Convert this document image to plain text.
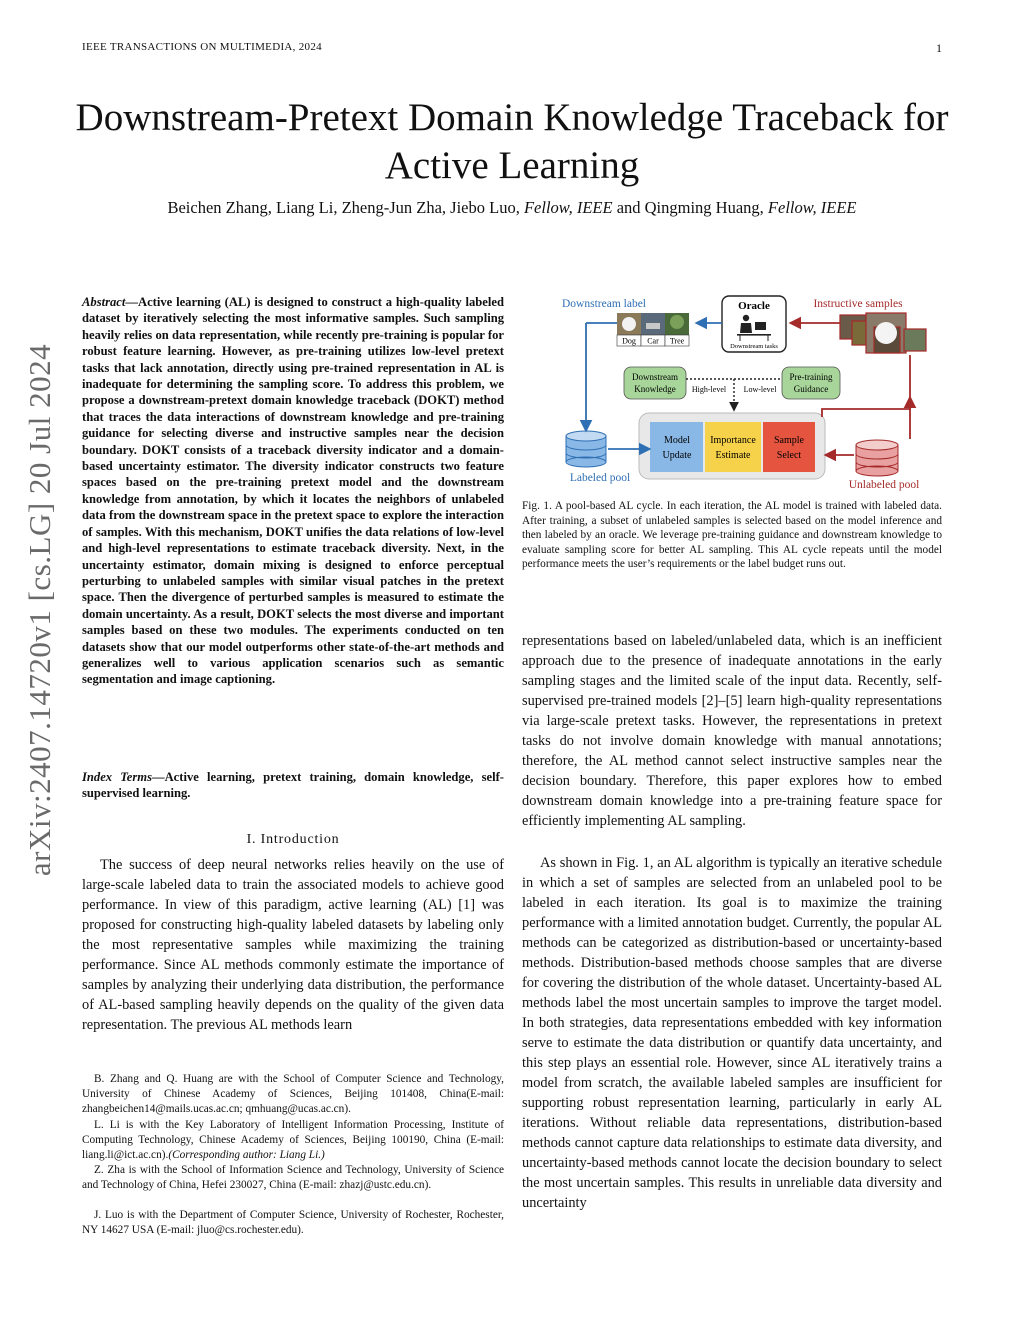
IEEE TRANSACTIONS ON MULTIMEDIA, 2024	1
Downstream-Pretext Domain Knowledge Traceback for Active Learning
Beichen Zhang, Liang Li, Zheng-Jun Zha, Jiebo Luo, Fellow, IEEE and Qingming Huang, Fellow, IEEE
arXiv:2407.14720v1 [cs.LG] 20 Jul 2024
Abstract—Active learning (AL) is designed to construct a high-quality labeled dataset by iteratively selecting the most informative samples. Such sampling heavily relies on data representation, while recently pre-training is popular for robust feature learning. However, as pre-training utilizes low-level pretext tasks that lack annotation, directly using pre-trained representation in AL is inadequate for determining the sampling score. To address this problem, we propose a downstream-pretext domain knowledge traceback (DOKT) method that traces the data interactions of downstream knowledge and pre-training guidance for selecting diverse and instructive samples near the decision boundary. DOKT consists of a traceback diversity indicator and a domain-based uncertainty estimator. The diversity indicator constructs two feature spaces based on the pre-training pretext model and the downstream knowledge from annotation, by which it locates the neighbors of unlabeled data from the downstream space in the pretext space to explore the interaction of samples. With this mechanism, DOKT unifies the data relations of low-level and high-level representations to estimate traceback diversity. Next, in the uncertainty estimator, domain mixing is designed to enforce perceptual perturbing to unlabeled samples with similar visual patches in the pretext space. Then the divergence of perturbed samples is measured to estimate the domain uncertainty. As a result, DOKT selects the most diverse and important samples based on these two modules. The experiments conducted on ten datasets show that our model outperforms other state-of-the-art methods and generalizes well to various application scenarios such as semantic segmentation and image captioning.
Index Terms—Active learning, pretext training, domain knowledge, self-supervised learning.
I. Introduction
The success of deep neural networks relies heavily on the use of large-scale labeled data to train the associated models to achieve good performance. In view of this paradigm, active learning (AL) [1] was proposed for constructing high-quality labeled datasets by labeling only the most representative samples while maximizing the training performance. Since AL methods commonly estimate the importance of samples by analyzing their underlying data distribution, the performance of AL-based sampling heavily depends on the quality of the given data representation. The previous AL methods learn
B. Zhang and Q. Huang are with the School of Computer Science and Technology, University of Chinese Academy of Sciences, Beijing 101408, China(E-mail: zhangbeichen14@mails.ucas.ac.cn; qmhuang@ucas.ac.cn).
L. Li is with the Key Laboratory of Intelligent Information Processing, Institute of Computing Technology, Chinese Academy of Sciences, Beijing 100190, China (E-mail: liang.li@ict.ac.cn).(Corresponding author: Liang Li.)
Z. Zha is with the School of Information Science and Technology, University of Science and Technology of China, Hefei 230027, China (E-mail: zhazj@ustc.edu.cn).
J. Luo is with the Department of Computer Science, University of Rochester, Rochester, NY 14627 USA (E-mail: jluo@cs.rochester.edu).
Downstream label	Instructive samples
Dog Car Tree
Oracle
Downstream tasks
Downstream
Knowledge
Pre-training
Guidance
High-level Low-level
Model
Update
Importance
Estimate
Sample
Select
Labeled pool
Unlabeled pool
Fig. 1. A pool-based AL cycle. In each iteration, the AL model is trained with labeled data. After training, a subset of unlabeled samples is selected based on the model inference and then labeled by an oracle. We leverage pre-training guidance and downstream knowledge to evaluate sampling score for better AL sampling. This AL cycle repeats until the model performance meets the user’s requirements or the label budget runs out.
representations based on labeled/unlabeled data, which is an inefficient approach due to the presence of inadequate annotations in the early sampling stages and the limited scale of the input data. Recently, self-supervised pre-trained models [2]–[5] learn high-quality representations via large-scale pretext tasks. However, the representations in pretext tasks do not involve domain knowledge with manual annotations; therefore, the AL method cannot select instructive samples near the decision boundary. Therefore, this paper explores how to embed downstream domain knowledge into a pre-training feature space for efficiently implementing AL sampling.
As shown in Fig. 1, an AL algorithm is typically an iterative schedule in which a set of samples are selected from an unlabeled pool to be labeled in each iteration. Its goal is to maximize the training performance with a limited annotation budget. Currently, the popular AL methods can be categorized as distribution-based or uncertainty-based methods. Distribution-based methods choose samples that are diverse for covering the distribution of the whole dataset. Uncertainty-based AL methods label the most uncertain samples to improve the target model. In both strategies, data representations embedded with key information serve to estimate the data distribution or quantify data uncertainty, and this step plays an essential role. However, since AL iteratively trains a model from scratch, the available labeled samples are insufficient for supporting robust representation learning, particularly in early AL iterations. Without reliable data representations, distribution-based methods cannot capture data relationships to estimate data diversity, and uncertainty-based methods cannot locate the decision boundary to select the most uncertain samples. This results in unreliable data diversity and uncertainty
